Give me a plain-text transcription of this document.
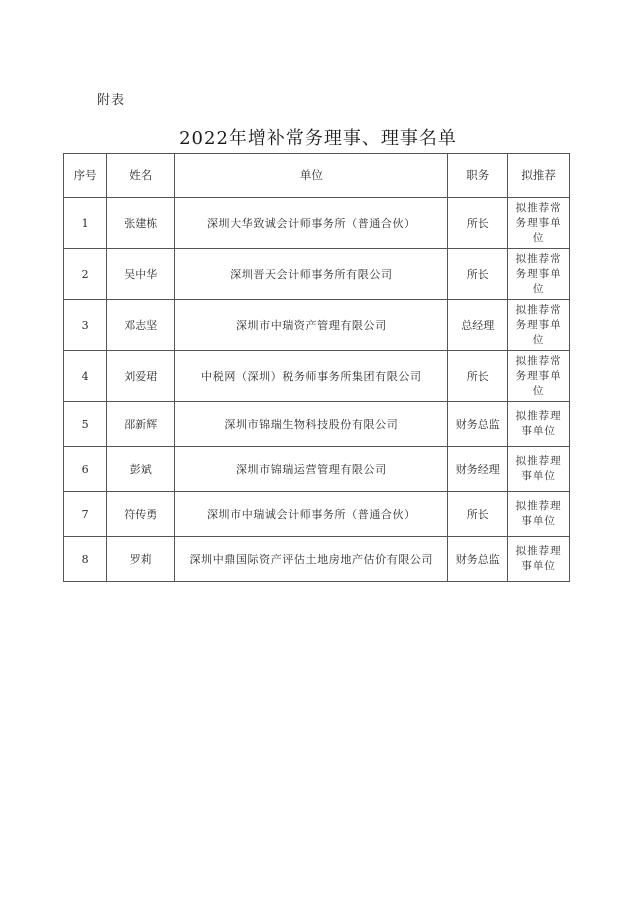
附表
2022年增补常务理事、理事名单
序号	姓名	单位	职务	拟推荐
1	张建栋	深圳大华致诚会计师事务所（普通合伙）	所长	拟推荐常务理事单位
2	吴中华	深圳晋天会计师事务所有限公司	所长	拟推荐常务理事单位
3	邓志坚	深圳市中瑞资产管理有限公司	总经理	拟推荐常务理事单位
4	刘爱珺	中税网（深圳）税务师事务所集团有限公司	所长	拟推荐常务理事单位
5	邵新辉	深圳市锦瑞生物科技股份有限公司	财务总监	拟推荐理事单位
6	彭斌	深圳市锦瑞运营管理有限公司	财务经理	拟推荐理事单位
7	符传勇	深圳市中瑞诚会计师事务所（普通合伙）	所长	拟推荐理事单位
8	罗莉	深圳中鼎国际资产评估土地房地产估价有限公司	财务总监	拟推荐理事单位
